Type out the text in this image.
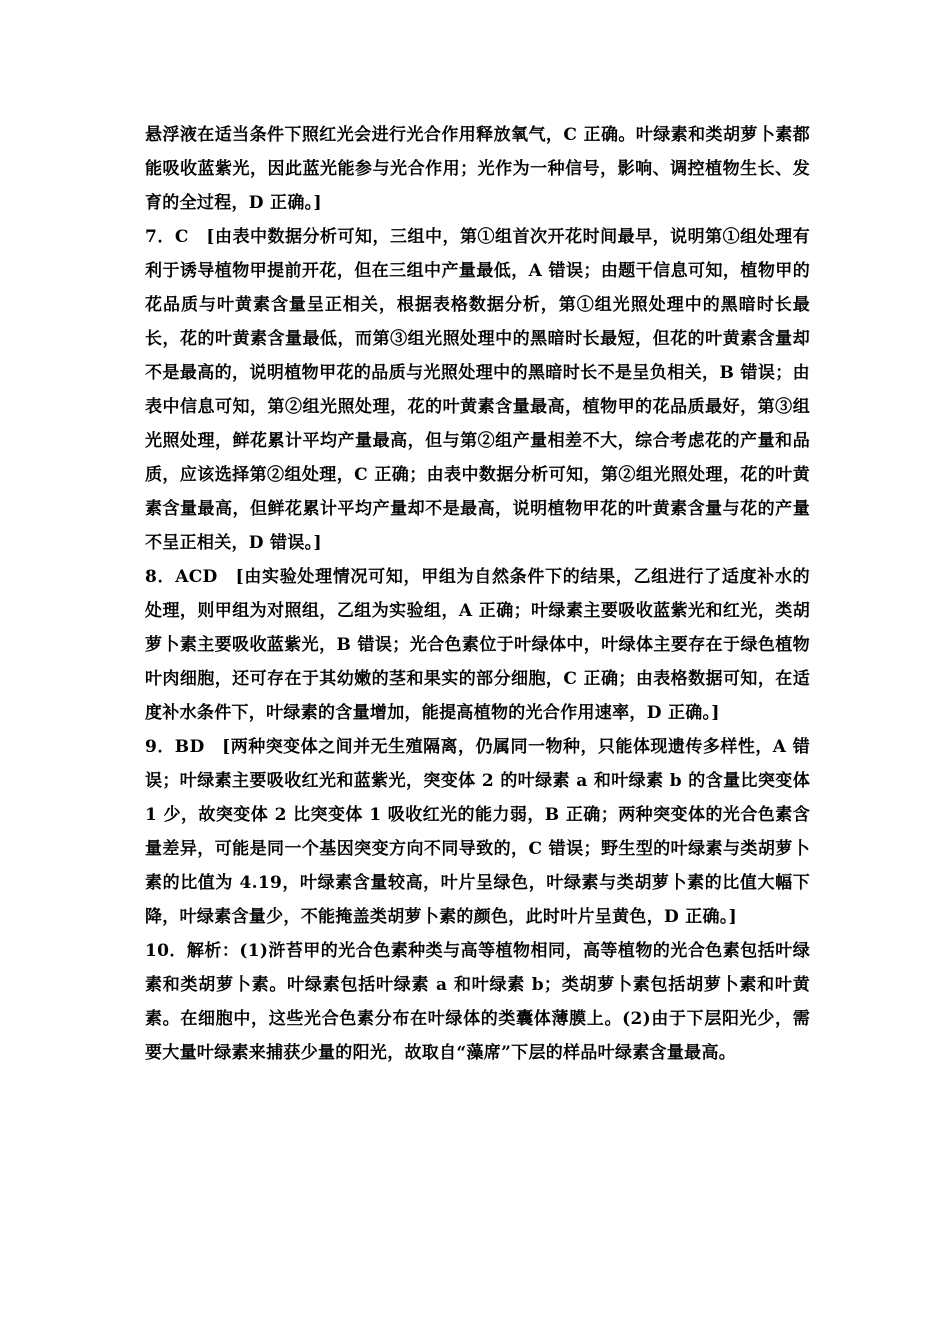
悬浮液在适当条件下照红光会进行光合作用释放氧气，C 正确。叶绿素和类胡萝卜素都能吸收蓝紫光，因此蓝光能参与光合作用；光作为一种信号，影响、调控植物生长、发育的全过程，D 正确。]

7．C　[由表中数据分析可知，三组中，第①组首次开花时间最早，说明第①组处理有利于诱导植物甲提前开花，但在三组中产量最低，A 错误；由题干信息可知，植物甲的花品质与叶黄素含量呈正相关，根据表格数据分析，第①组光照处理中的黑暗时长最长，花的叶黄素含量最低，而第③组光照处理中的黑暗时长最短，但花的叶黄素含量却不是最高的，说明植物甲花的品质与光照处理中的黑暗时长不是呈负相关，B 错误；由表中信息可知，第②组光照处理，花的叶黄素含量最高，植物甲的花品质最好，第③组光照处理，鲜花累计平均产量最高，但与第②组产量相差不大，综合考虑花的产量和品质，应该选择第②组处理，C 正确；由表中数据分析可知，第②组光照处理，花的叶黄素含量最高，但鲜花累计平均产量却不是最高，说明植物甲花的叶黄素含量与花的产量不呈正相关，D 错误。]

8．ACD　[由实验处理情况可知，甲组为自然条件下的结果，乙组进行了适度补水的处理，则甲组为对照组，乙组为实验组，A 正确；叶绿素主要吸收蓝紫光和红光，类胡萝卜素主要吸收蓝紫光，B 错误；光合色素位于叶绿体中，叶绿体主要存在于绿色植物叶肉细胞，还可存在于其幼嫩的茎和果实的部分细胞，C 正确；由表格数据可知，在适度补水条件下，叶绿素的含量增加，能提高植物的光合作用速率，D 正确。]

9．BD　[两种突变体之间并无生殖隔离，仍属同一物种，只能体现遗传多样性，A 错误；叶绿素主要吸收红光和蓝紫光，突变体 2 的叶绿素 a 和叶绿素 b 的含量比突变体 1 少，故突变体 2 比突变体 1 吸收红光的能力弱，B 正确；两种突变体的光合色素含量差异，可能是同一个基因突变方向不同导致的，C 错误；野生型的叶绿素与类胡萝卜素的比值为 4.19，叶绿素含量较高，叶片呈绿色，叶绿素与类胡萝卜素的比值大幅下降，叶绿素含量少，不能掩盖类胡萝卜素的颜色，此时叶片呈黄色，D 正确。]

10．解析：(1)浒苔甲的光合色素种类与高等植物相同，高等植物的光合色素包括叶绿素和类胡萝卜素。叶绿素包括叶绿素 a 和叶绿素 b；类胡萝卜素包括胡萝卜素和叶黄素。在细胞中，这些光合色素分布在叶绿体的类囊体薄膜上。(2)由于下层阳光少，需要大量叶绿素来捕获少量的阳光，故取自“藻席”下层的样品叶绿素含量最高。
